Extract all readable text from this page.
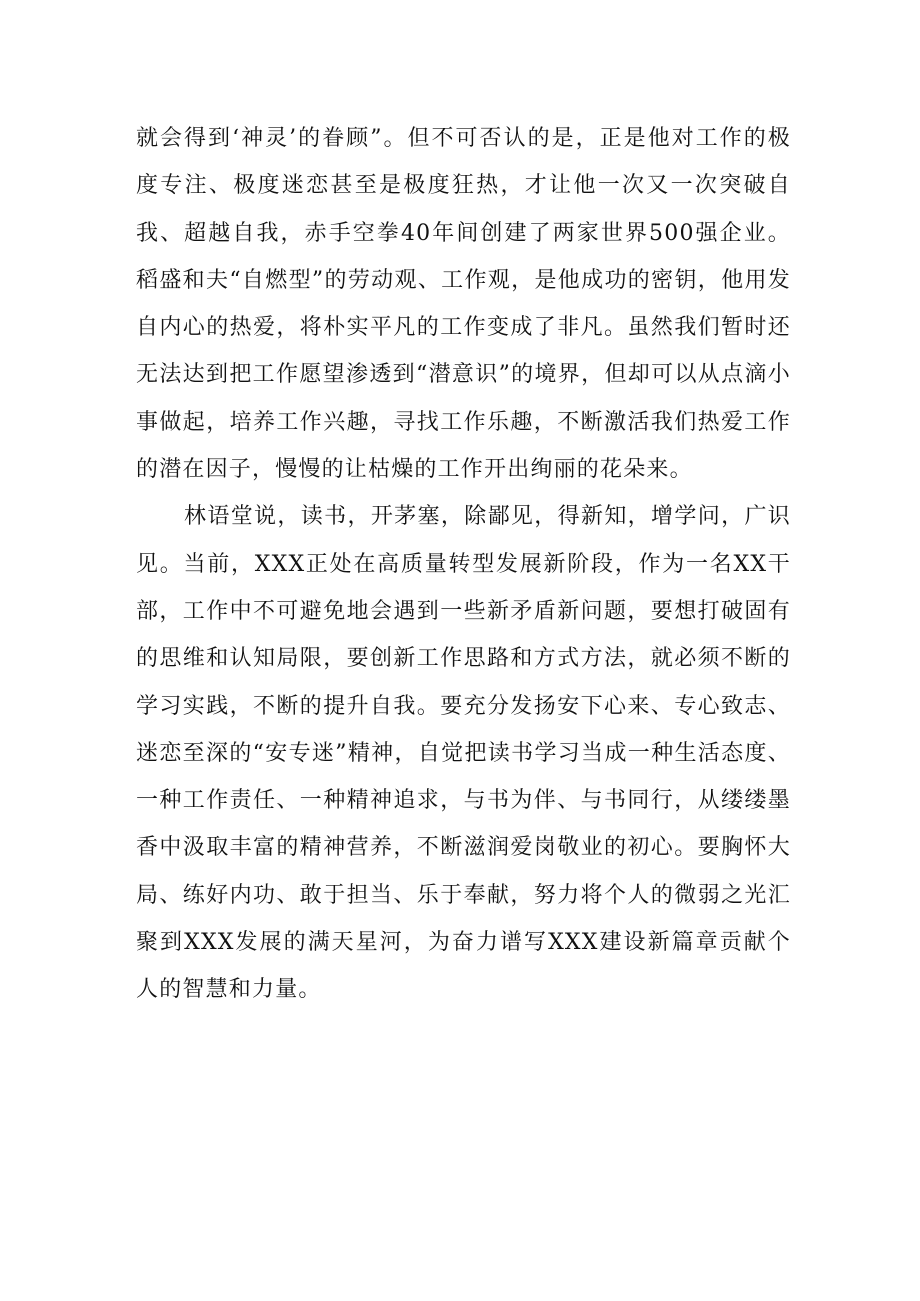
就会得到‘神灵’的眷顾”。但不可否认的是，正是他对工作的极度专注、极度迷恋甚至是极度狂热，才让他一次又一次突破自我、超越自我，赤手空拳40年间创建了两家世界500强企业。稻盛和夫“自燃型”的劳动观、工作观，是他成功的密钥，他用发自内心的热爱，将朴实平凡的工作变成了非凡。虽然我们暂时还无法达到把工作愿望渗透到“潜意识”的境界，但却可以从点滴小事做起，培养工作兴趣，寻找工作乐趣，不断激活我们热爱工作的潜在因子，慢慢的让枯燥的工作开出绚丽的花朵来。

林语堂说，读书，开茅塞，除鄙见，得新知，增学问，广识见。当前，XXX正处在高质量转型发展新阶段，作为一名XX干部，工作中不可避免地会遇到一些新矛盾新问题，要想打破固有的思维和认知局限，要创新工作思路和方式方法，就必须不断的学习实践，不断的提升自我。要充分发扬安下心来、专心致志、迷恋至深的“安专迷”精神，自觉把读书学习当成一种生活态度、一种工作责任、一种精神追求，与书为伴、与书同行，从缕缕墨香中汲取丰富的精神营养，不断滋润爱岗敬业的初心。要胸怀大局、练好内功、敢于担当、乐于奉献，努力将个人的微弱之光汇聚到XXX发展的满天星河，为奋力谱写XXX建设新篇章贡献个人的智慧和力量。
